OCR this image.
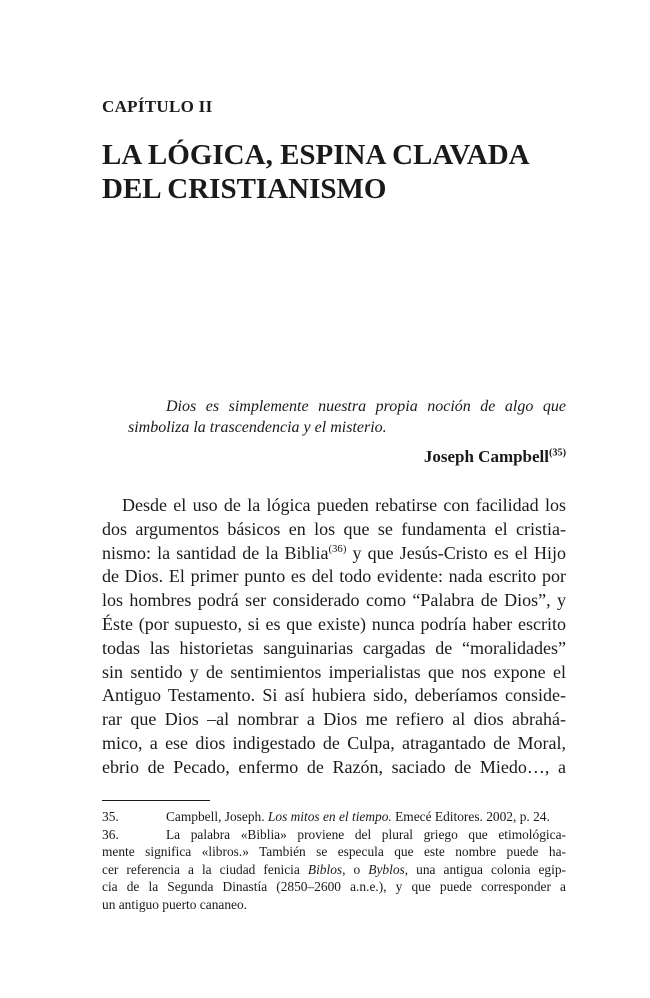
CAPÍTULO II
LA LÓGICA, ESPINA CLAVADA
DEL CRISTIANISMO
Dios es simplemente nuestra propia noción de algo que
simboliza la trascendencia y el misterio.
Joseph Campbell$^{(35)}$
Desde el uso de la lógica pueden rebatirse con facilidad los
dos argumentos básicos en los que se fundamenta el cristia-
nismo: la santidad de la Biblia$^{(36)}$ y que Jesús-Cristo es el Hijo
de Dios. El primer punto es del todo evidente: nada escrito por
los hombres podrá ser considerado como “Palabra de Dios”, y
Éste (por supuesto, si es que existe) nunca podría haber escrito
todas las historietas sanguinarias cargadas de “moralidades”
sin sentido y de sentimientos imperialistas que nos expone el
Antiguo Testamento. Si así hubiera sido, deberíamos conside-
rar que Dios –al nombrar a Dios me refiero al dios abrahá-
mico, a ese dios indigestado de Culpa, atragantado de Moral,
ebrio de Pecado, enfermo de Razón, saciado de Miedo…, a
35.	Campbell, Joseph. Los mitos en el tiempo. Emecé Editores. 2002, p. 24.
36.	La palabra «Biblia» proviene del plural griego que etimológica-
mente significa «libros.» También se especula que este nombre puede ha-
cer referencia a la ciudad fenicia Biblos, o Byblos, una antigua colonia egip-
cia de la Segunda Dinastía (2850–2600 a.n.e.), y que puede corresponder a
un antiguo puerto cananeo.
